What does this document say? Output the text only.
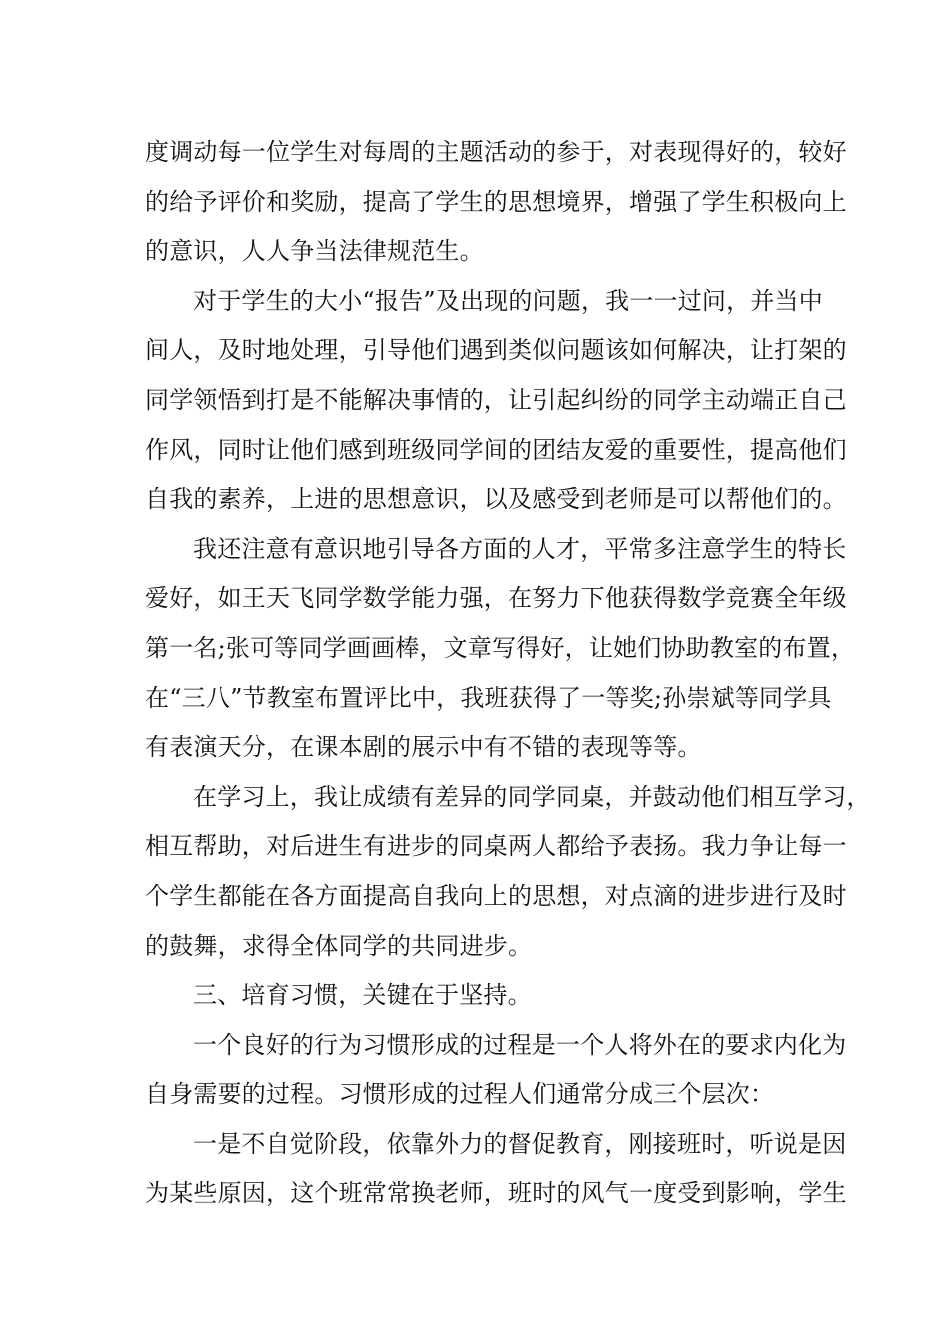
度调动每一位学生对每周的主题活动的参于，对表现得好的，较好
的给予评价和奖励，提高了学生的思想境界，增强了学生积极向上
的意识，人人争当法律规范生。
对于学生的大小“报告”及出现的问题，我一一过问，并当中
间人，及时地处理，引导他们遇到类似问题该如何解决，让打架的
同学领悟到打是不能解决事情的，让引起纠纷的同学主动端正自己
作风，同时让他们感到班级同学间的团结友爱的重要性，提高他们
自我的素养，上进的思想意识，以及感受到老师是可以帮他们的。
我还注意有意识地引导各方面的人才，平常多注意学生的特长
爱好，如王天飞同学数学能力强，在努力下他获得数学竞赛全年级
第一名;张可等同学画画棒，文章写得好，让她们协助教室的布置，
在“三八”节教室布置评比中，我班获得了一等奖;孙崇斌等同学具
有表演天分，在课本剧的展示中有不错的表现等等。
在学习上，我让成绩有差异的同学同桌，并鼓动他们相互学习，
相互帮助，对后进生有进步的同桌两人都给予表扬。我力争让每一
个学生都能在各方面提高自我向上的思想，对点滴的进步进行及时
的鼓舞，求得全体同学的共同进步。
三、培育习惯，关键在于坚持。
一个良好的行为习惯形成的过程是一个人将外在的要求内化为
自身需要的过程。习惯形成的过程人们通常分成三个层次：
一是不自觉阶段，依靠外力的督促教育，刚接班时，听说是因
为某些原因，这个班常常换老师，班时的风气一度受到影响，学生
